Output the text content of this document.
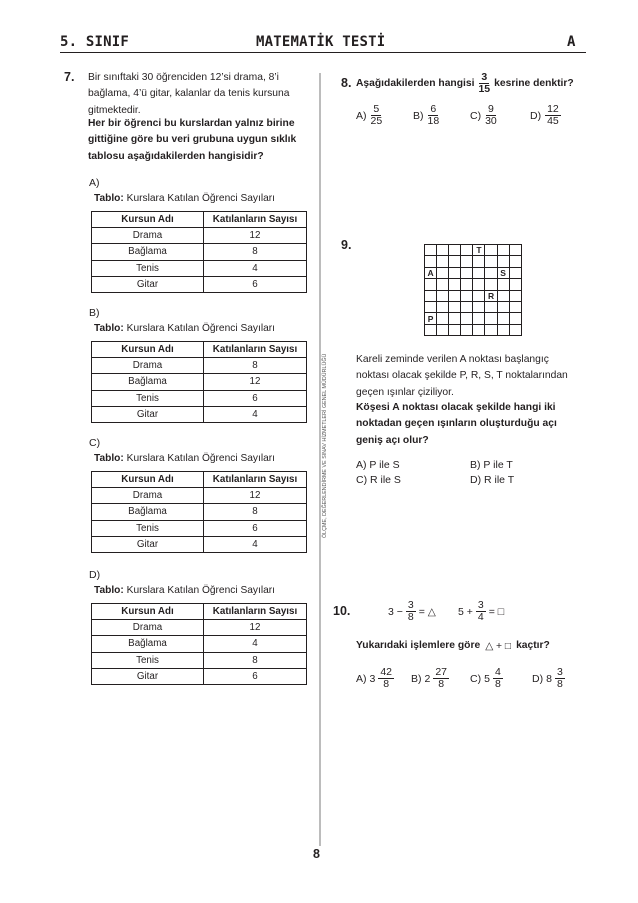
5. SINIF	MATEMATİK TESTİ	A
ÖLÇME, DEĞERLENDİRME VE SINAV HİZMETLERİ GENEL MÜDÜRLÜĞÜ
7. Bir sınıftaki 30 öğrenciden 12’si drama, 8’i
bağlama, 4’ü gitar, kalanlar da tenis kursuna
gitmektedir.
Her bir öğrenci bu kurslardan yalnız birine
gittiğine göre bu veri grubuna uygun sıklık
tablosu aşağıdakilerden hangisidir?
A)
Tablo: Kurslara Katılan Öğrenci Sayıları
Kursun Adı	Katılanların Sayısı
Drama	12
Bağlama	8
Tenis	4
Gitar	6
B)
Tablo: Kurslara Katılan Öğrenci Sayıları
Kursun Adı	Katılanların Sayısı
Drama	8
Bağlama	12
Tenis	6
Gitar	4
C)
Tablo: Kurslara Katılan Öğrenci Sayıları
Kursun Adı	Katılanların Sayısı
Drama	12
Bağlama	8
Tenis	6
Gitar	4
D)
Tablo: Kurslara Katılan Öğrenci Sayıları
Kursun Adı	Katılanların Sayısı
Drama	12
Bağlama	4
Tenis	8
Gitar	6
8. Aşağıdakilerden hangisi $\frac{3}{15}$ kesrine denktir?
$A) \frac{5}{25}$	$B) \frac{6}{18}$	$C) \frac{9}{30}$	$D) \frac{12}{45}$
9.	T
A	S
R
P
Kareli zeminde verilen A noktası başlangıç
noktası olacak şekilde P, R, S, T noktalarından
geçen ışınlar çiziliyor.
Köşesi A noktası olacak şekilde hangi iki
noktadan geçen ışınların oluşturduğu açı
geniş açı olur?
A) P ile S	B) P ile T
C) R ile S	D) R ile T
10.	$3 - \frac{3}{8}$ = △ $5 + \frac{3}{4}$ = □
Yukarıdaki işlemlere göre △ + □ kaçtır?
A) $3 \frac{42}{8} B$) $2 \frac{27}{8} C$) $5 \frac{4}{8}$	D) $8 \frac{3}{8}$
8
